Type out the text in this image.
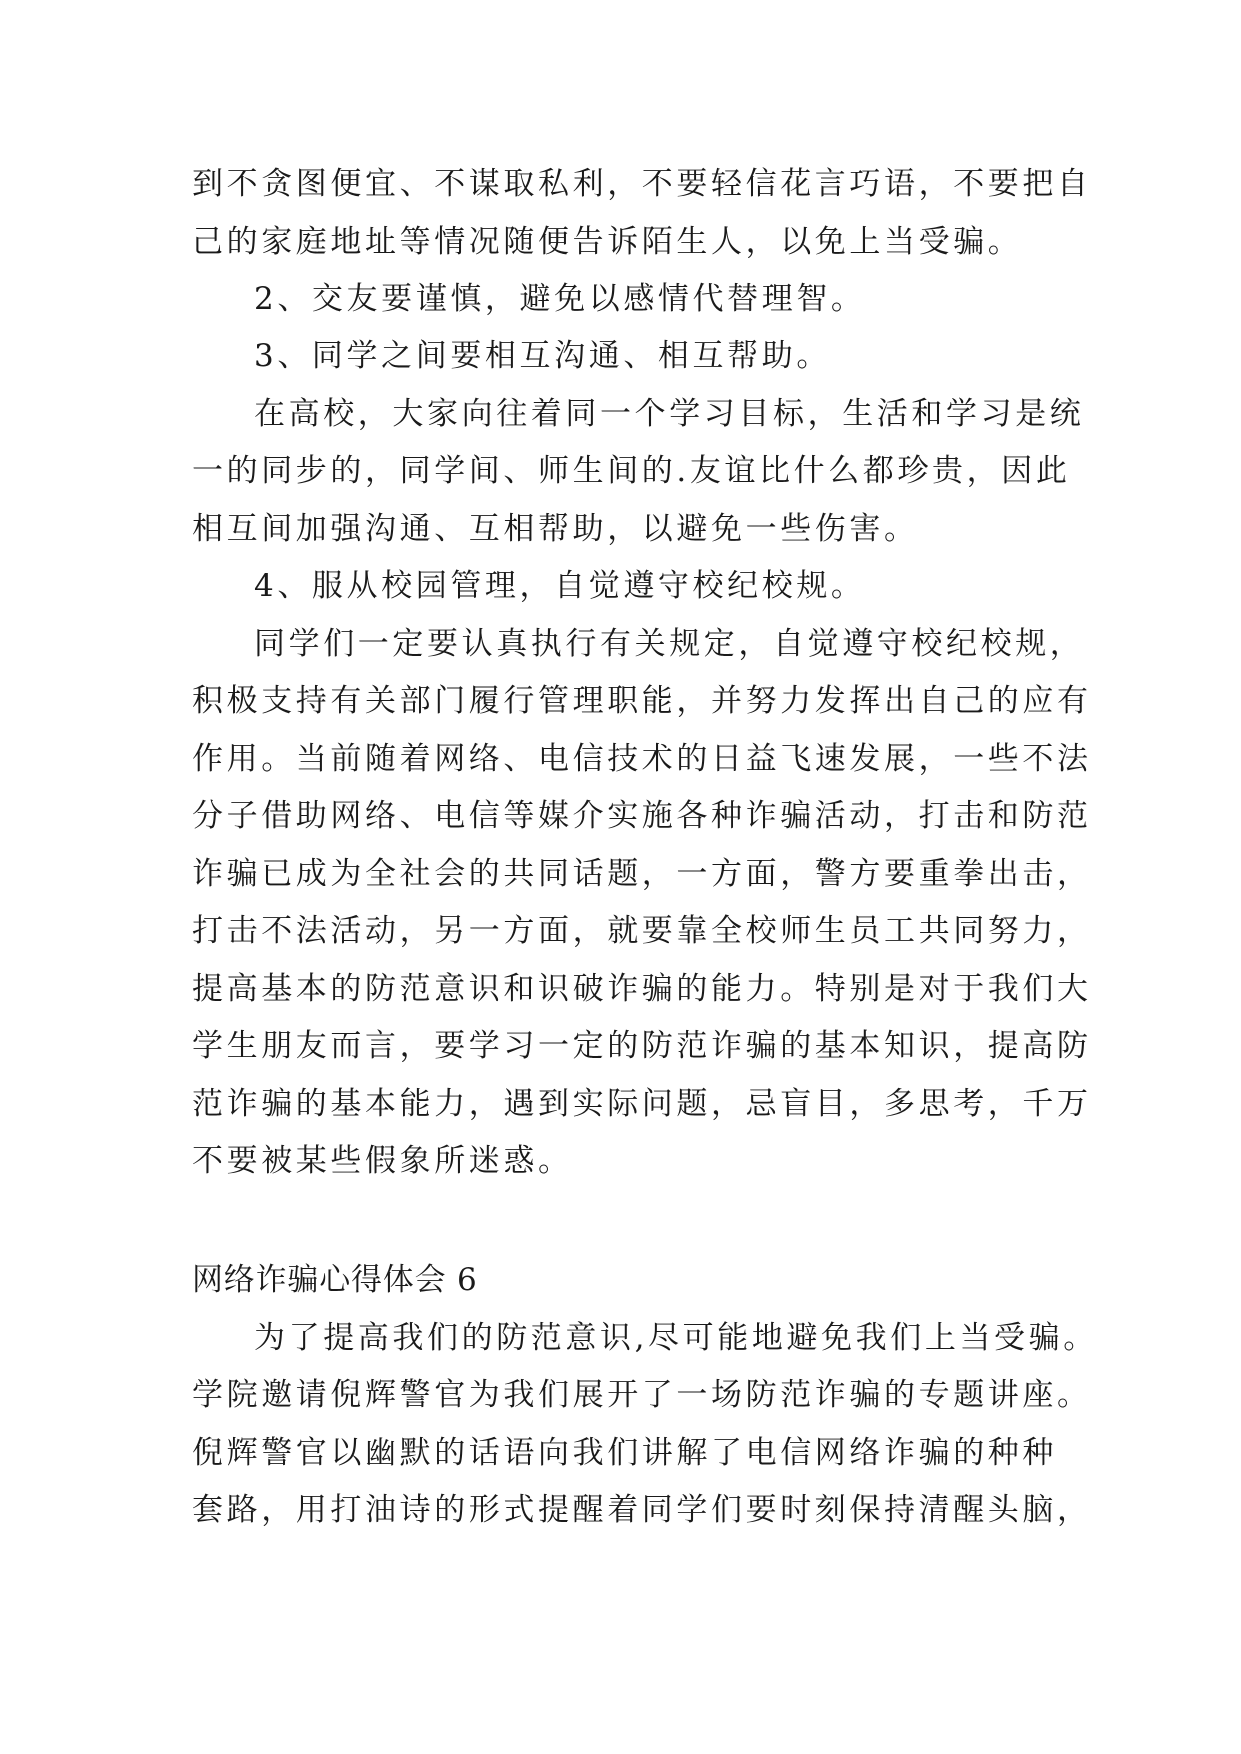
到不贪图便宜、不谋取私利，不要轻信花言巧语，不要把自
己的家庭地址等情况随便告诉陌生人，以免上当受骗。
2、交友要谨慎，避免以感情代替理智。
3、同学之间要相互沟通、相互帮助。
在高校，大家向往着同一个学习目标，生活和学习是统
一的同步的，同学间、师生间的.友谊比什么都珍贵，因此
相互间加强沟通、互相帮助，以避免一些伤害。
4、服从校园管理，自觉遵守校纪校规。
同学们一定要认真执行有关规定，自觉遵守校纪校规，
积极支持有关部门履行管理职能，并努力发挥出自己的应有
作用。当前随着网络、电信技术的日益飞速发展，一些不法
分子借助网络、电信等媒介实施各种诈骗活动，打击和防范
诈骗已成为全社会的共同话题，一方面，警方要重拳出击，
打击不法活动，另一方面，就要靠全校师生员工共同努力，
提高基本的防范意识和识破诈骗的能力。特别是对于我们大
学生朋友而言，要学习一定的防范诈骗的基本知识，提高防
范诈骗的基本能力，遇到实际问题，忌盲目，多思考，千万
不要被某些假象所迷惑。
网络诈骗心得体会 6
为了提高我们的防范意识,尽可能地避免我们上当受骗。
学院邀请倪辉警官为我们展开了一场防范诈骗的专题讲座。
倪辉警官以幽默的话语向我们讲解了电信网络诈骗的种种
套路，用打油诗的形式提醒着同学们要时刻保持清醒头脑，
